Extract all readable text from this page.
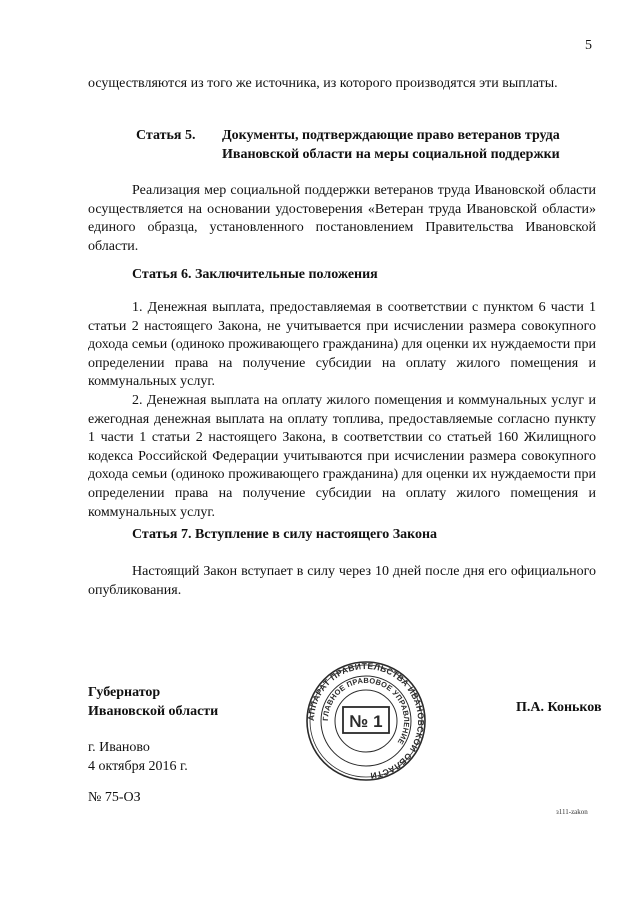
5
осуществляются из того же источника, из которого производятся эти выплаты.
Статья 5. Документы, подтверждающие право ветеранов труда Ивановской области на меры социальной поддержки

Реализация мер социальной поддержки ветеранов труда Ивановской области осуществляется на основании удостоверения «Ветеран труда Ивановской области» единого образца, установленного постановлением Правительства Ивановской области.

Статья 6. Заключительные положения

1. Денежная выплата, предоставляемая в соответствии с пунктом 6 части 1 статьи 2 настоящего Закона, не учитывается при исчислении размера совокупного дохода семьи (одиноко проживающего гражданина) для оценки их нуждаемости при определении права на получение субсидии на оплату жилого помещения и коммунальных услуг.

2. Денежная выплата на оплату жилого помещения и коммунальных услуг и ежегодная денежная выплата на оплату топлива, предоставляемые согласно пункту 1 части 1 статьи 2 настоящего Закона, в соответствии со статьей 160 Жилищного кодекса Российской Федерации учитываются при исчислении размера совокупного дохода семьи (одиноко проживающего гражданина) для оценки их нуждаемости при определении права на получение субсидии на оплату жилого помещения и коммунальных услуг.

Статья 7. Вступление в силу настоящего Закона

Настоящий Закон вступает в силу через 10 дней после дня его официального опубликования.

Губернатор
Ивановской области	АППАРАТ ПРАВИТЕЛЬСТВА ИВАНОВСКОЙ ОБЛАСТИ
ГЛАВНОЕ ПРАВОВОЕ УПРАВЛЕНИЕ
№ 1
П.А. Коньков
г. Иваново
4 октября 2016 г.
№ 75-ОЗ
з111-zakon
